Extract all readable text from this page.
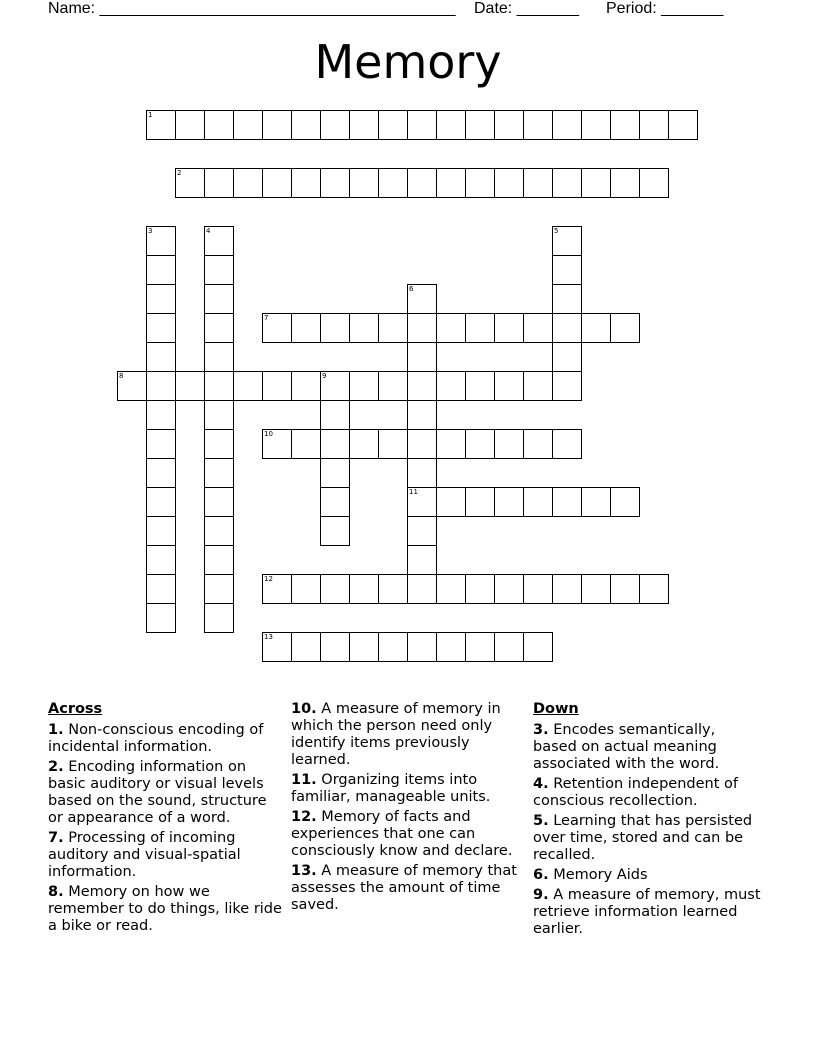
Name: ________________________________________ Date: _______ Period: _______
Memory
1
2
3	4	5
6
11
7
8	9
10
12
13
Across
1. Non-conscious encoding of incidental information.
2. Encoding information on basic auditory or visual levels based on the sound, structure or appearance of a word.
7. Processing of incoming auditory and visual-spatial information.
8. Memory on how we remember to do things, like ride a bike or read.
10. A measure of memory in which the person need only identify items previously learned.
11. Organizing items into familiar, manageable units.
12. Memory of facts and experiences that one can consciously know and declare.
13. A measure of memory that assesses the amount of time saved.
Down
3. Encodes semantically, based on actual meaning associated with the word.
4. Retention independent of conscious recollection.
5. Learning that has persisted over time, stored and can be recalled.
6. Memory Aids
9. A measure of memory, must retrieve information learned earlier.
